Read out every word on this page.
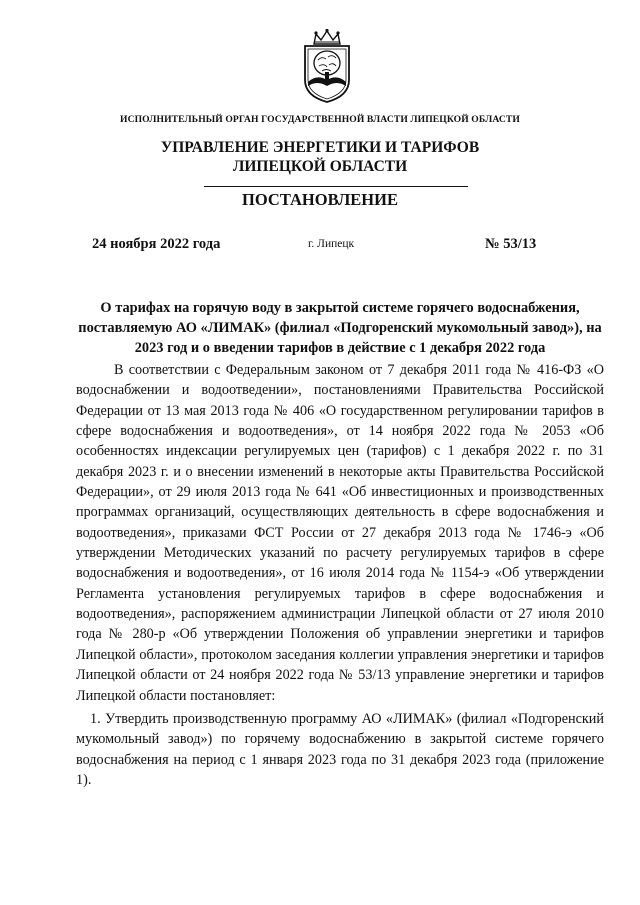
ИСПОЛНИТЕЛЬНЫЙ ОРГАН ГОСУДАРСТВЕННОЙ ВЛАСТИ ЛИПЕЦКОЙ ОБЛАСТИ
УПРАВЛЕНИЕ ЭНЕРГЕТИКИ И ТАРИФОВ
ЛИПЕЦКОЙ ОБЛАСТИ
ПОСТАНОВЛЕНИЕ
24 ноября 2022 года	г. Липецк	№ 53/13
О тарифах на горячую воду в закрытой системе горячего водоснабжения, поставляемую АО «ЛИМАК» (филиал «Подгоренский мукомольный завод»), на 2023 год и о введении тарифов в действие с 1 декабря 2022 года

В соответствии с Федеральным законом от 7 декабря 2011 года № 416-ФЗ «О водоснабжении и водоотведении», постановлениями Правительства Российской Федерации от 13 мая 2013 года № 406 «О государственном регулировании тарифов в сфере водоснабжения и водоотведения», от 14 ноября 2022 года № 2053 «Об особенностях индексации регулируемых цен (тарифов) с 1 декабря 2022 г. по 31 декабря 2023 г. и о внесении изменений в некоторые акты Правительства Российской Федерации», от 29 июля 2013 года № 641 «Об инвестиционных и производственных программах организаций, осуществляющих деятельность в сфере водоснабжения и водоотведения», приказами ФСТ России от 27 декабря 2013 года № 1746-э «Об утверждении Методических указаний по расчету регулируемых тарифов в сфере водоснабжения и водоотведения», от 16 июля 2014 года № 1154-э «Об утверждении Регламента установления регулируемых тарифов в сфере водоснабжения и водоотведения», распоряжением администрации Липецкой области от 27 июля 2010 года № 280-р «Об утверждении Положения об управлении энергетики и тарифов Липецкой области», протоколом заседания коллегии управления энергетики и тарифов Липецкой области от 24 ноября 2022 года № 53/13 управление энергетики и тарифов Липецкой области постановляет:

1. Утвердить производственную программу АО «ЛИМАК» (филиал «Подгоренский мукомольный завод») по горячему водоснабжению в закрытой системе горячего водоснабжения на период с 1 января 2023 года по 31 декабря 2023 года (приложение 1).
